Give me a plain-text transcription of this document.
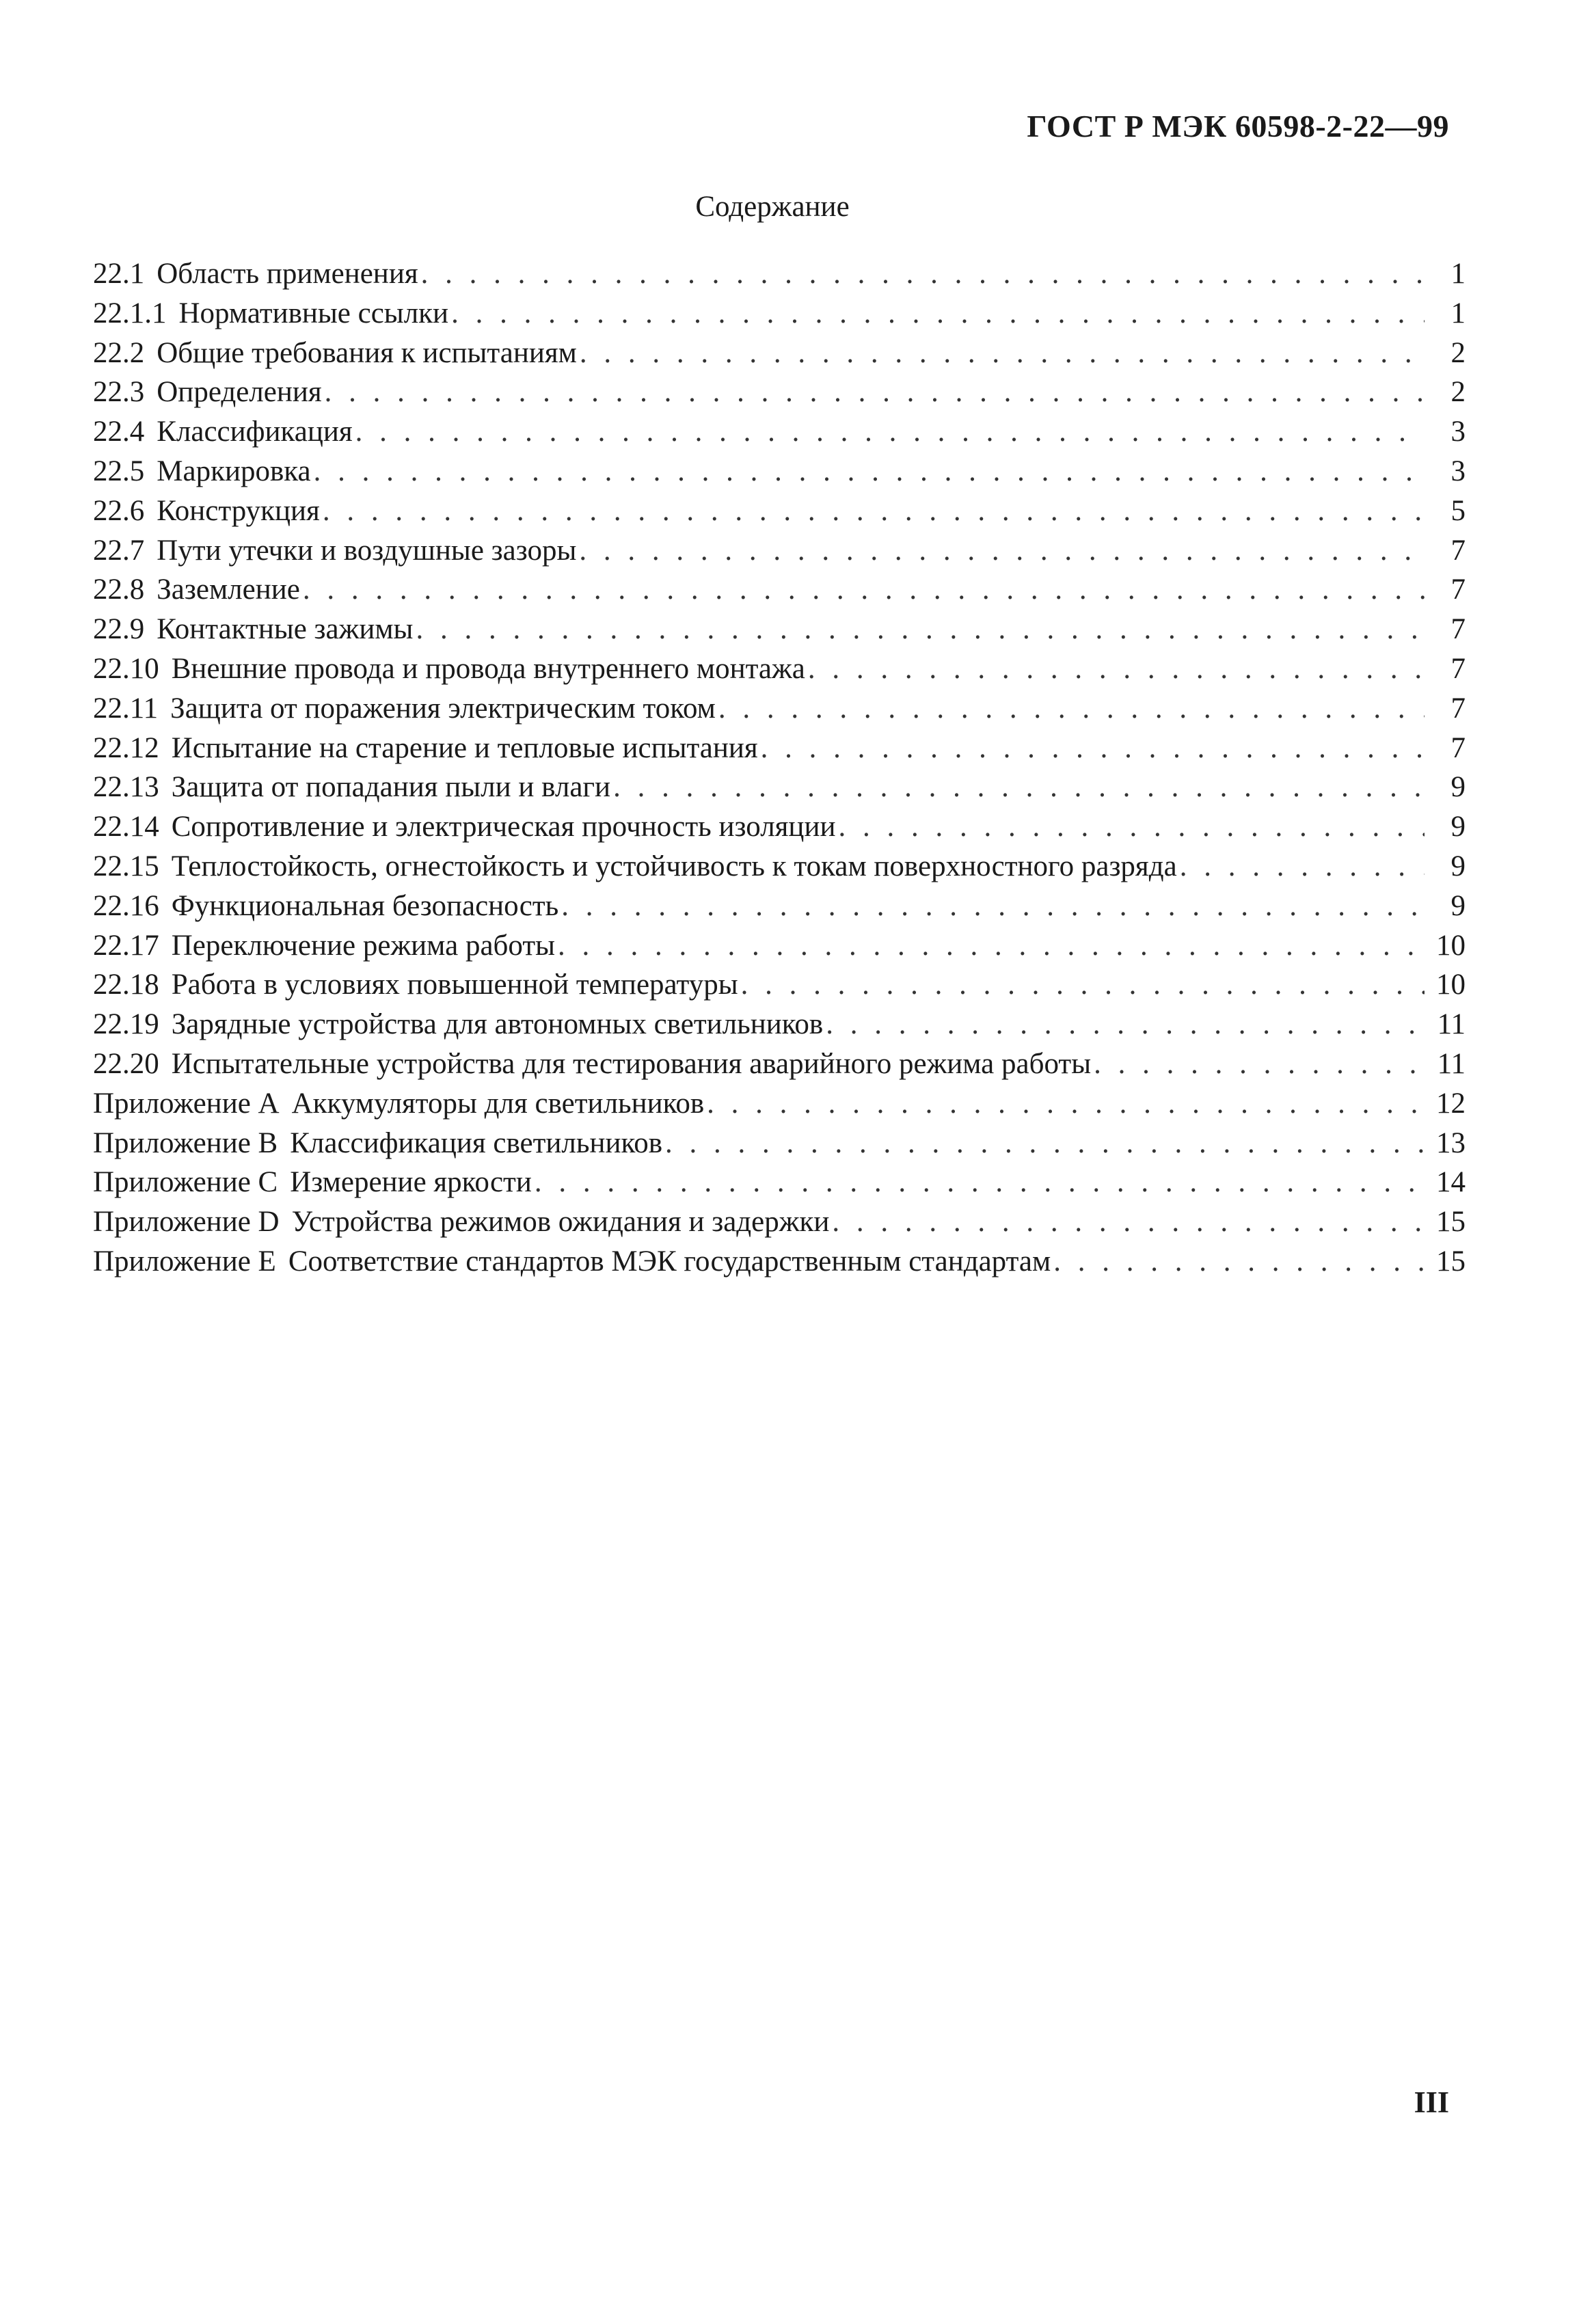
ГОСТ Р МЭК 60598-2-22—99
Содержание
22.1 Область применения . . .	1
22.1.1 Нормативные ссылки . . .	1
22.2 Общие требования к испытаниям . . .	2
22.3 Определения . . .	2
22.4 Классификация . . .	3
22.5 Маркировка . . .	3
22.6 Конструкция . . .	5
22.7 Пути утечки и воздушные зазоры . . .	7
22.8 Заземление . . .	7
22.9 Контактные зажимы . . .	7
22.10 Внешние провода и провода внутреннего монтажа . . .	7
22.11 Защита от поражения электрическим током . . .	7
22.12 Испытание на старение и тепловые испытания . . .	7
22.13 Защита от попадания пыли и влаги . . .	9
22.14 Сопротивление и электрическая прочность изоляции . . .	9
22.15 Теплостойкость, огнестойкость и устойчивость к токам поверхностного разряда . . .	9
22.16 Функциональная безопасность . . .	9
22.17 Переключение режима работы . . .	10
22.18 Работа в условиях повышенной температуры . . .	10
22.19 Зарядные устройства для автономных светильников . . .	11
22.20 Испытательные устройства для тестирования аварийного режима работы . . .	11
Приложение А Аккумуляторы для светильников . . .	12
Приложение В Классификация светильников . . .	13
Приложение С Измерение яркости . . .	14
Приложение D Устройства режимов ожидания и задержки . . .	15
Приложение Е Соответствие стандартов МЭК государственным стандартам . . .	15
III
